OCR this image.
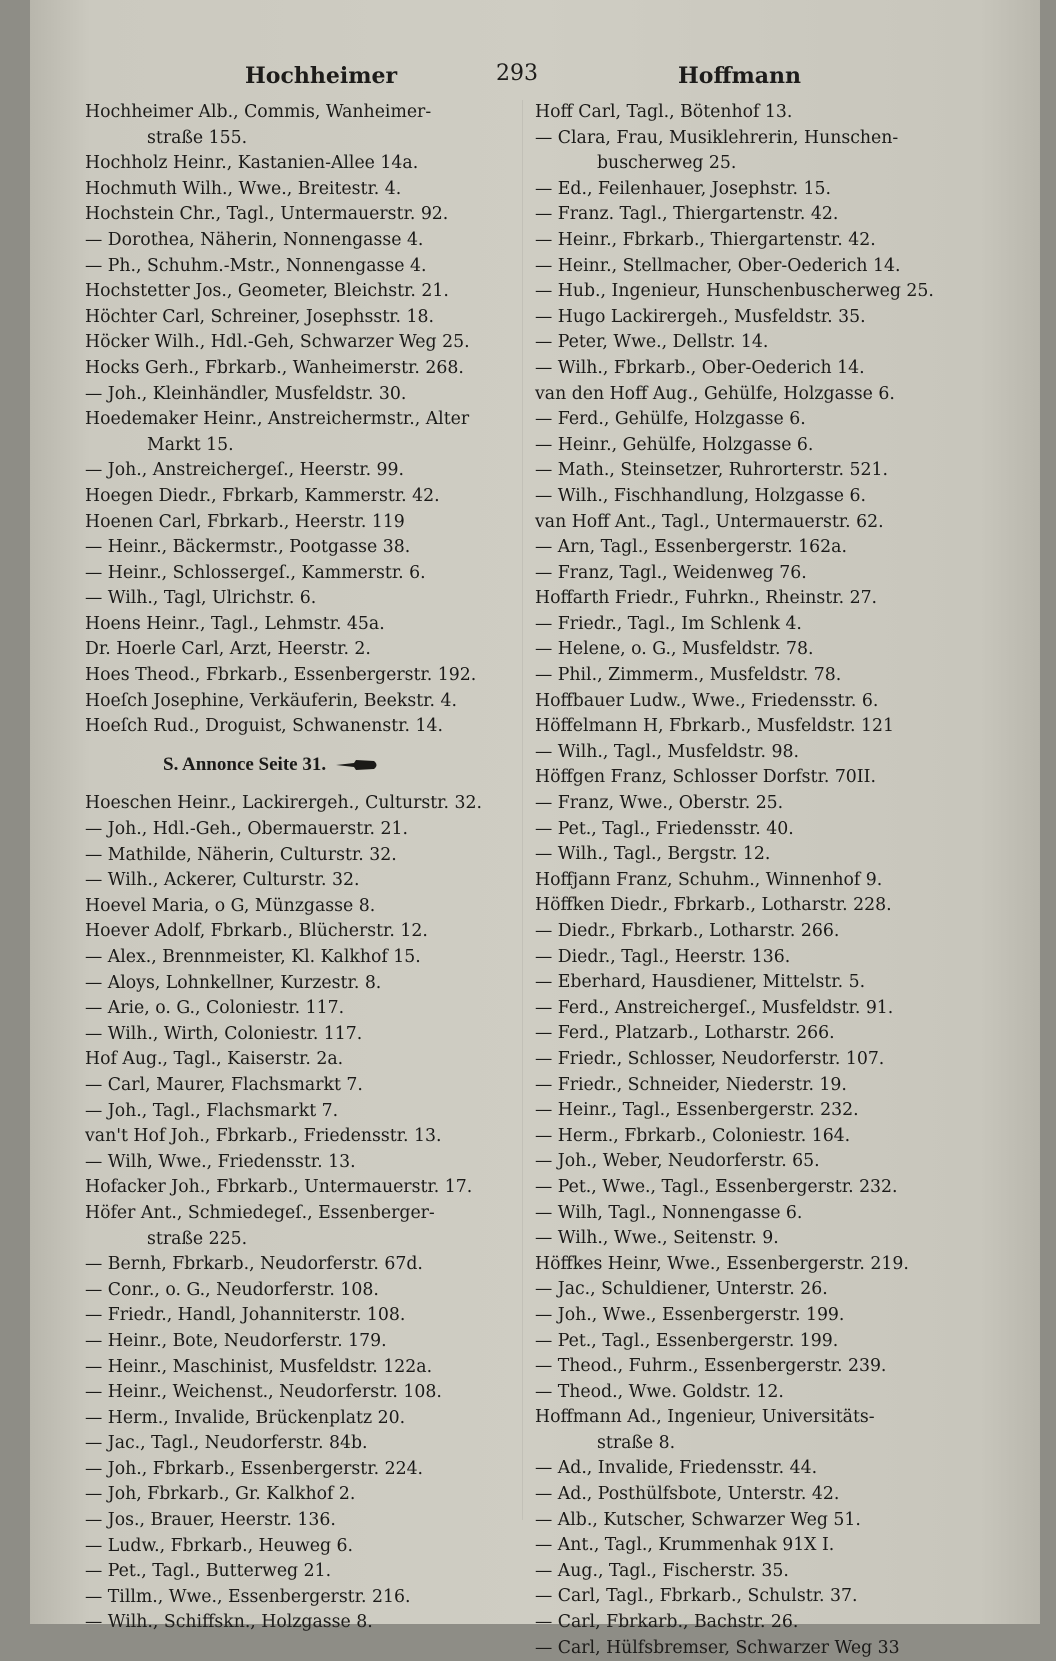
Hochheimer	293	Hoffmann
Hochheimer Alb., Commis, Wanheimer-
straße 155.
Hochholz Heinr., Kastanien-Allee 14a.
Hochmuth Wilh., Wwe., Breitestr. 4.
Hochstein Chr., Tagl., Untermauerstr. 92.
— Dorothea, Näherin, Nonnengasse 4.
— Ph., Schuhm.-Mstr., Nonnengasse 4.
Hochstetter Jos., Geometer, Bleichstr. 21.
Höchter Carl, Schreiner, Josephsstr. 18.
Höcker Wilh., Hdl.-Geh, Schwarzer Weg 25.
Hocks Gerh., Fbrkarb., Wanheimerstr. 268.
— Joh., Kleinhändler, Musfeldstr. 30.
Hoedemaker Heinr., Anstreichermstr., Alter
Markt 15.
— Joh., Anstreichergeſ., Heerstr. 99.
Hoegen Diedr., Fbrkarb, Kammerstr. 42.
Hoenen Carl, Fbrkarb., Heerstr. 119
— Heinr., Bäckermstr., Pootgasse 38.
— Heinr., Schlossergeſ., Kammerstr. 6.
— Wilh., Tagl, Ulrichstr. 6.
Hoens Heinr., Tagl., Lehmstr. 45a.
Dr. Hoerle Carl, Arzt, Heerstr. 2.
Hoes Theod., Fbrkarb., Essenbergerstr. 192.
Hoeſch Josephine, Verkäuferin, Beekstr. 4.
Hoeſch Rud., Droguist, Schwanenstr. 14.
S. Annonce Seite 31.
Hoeschen Heinr., Lackirergeh., Culturstr. 32.
— Joh., Hdl.-Geh., Obermauerstr. 21.
— Mathilde, Näherin, Culturstr. 32.
— Wilh., Ackerer, Culturstr. 32.
Hoevel Maria, o G, Münzgasse 8.
Hoever Adolf, Fbrkarb., Blücherstr. 12.
— Alex., Brennmeister, Kl. Kalkhof 15.
— Aloys, Lohnkellner, Kurzestr. 8.
— Arie, o. G., Coloniestr. 117.
— Wilh., Wirth, Coloniestr. 117.
Hof Aug., Tagl., Kaiserstr. 2a.
— Carl, Maurer, Flachsmarkt 7.
— Joh., Tagl., Flachsmarkt 7.
van't Hof Joh., Fbrkarb., Friedensstr. 13.
— Wilh, Wwe., Friedensstr. 13.
Hofacker Joh., Fbrkarb., Untermauerstr. 17.
Höfer Ant., Schmiedegeſ., Essenberger-
straße 225.
— Bernh, Fbrkarb., Neudorferstr. 67d.
— Conr., o. G., Neudorferstr. 108.
— Friedr., Handl, Johanniterstr. 108.
— Heinr., Bote, Neudorferstr. 179.
— Heinr., Maschinist, Musfeldstr. 122a.
— Heinr., Weichenst., Neudorferstr. 108.
— Herm., Invalide, Brückenplatz 20.
— Jac., Tagl., Neudorferstr. 84b.
— Joh., Fbrkarb., Essenbergerstr. 224.
— Joh, Fbrkarb., Gr. Kalkhof 2.
— Jos., Brauer, Heerstr. 136.
— Ludw., Fbrkarb., Heuweg 6.
— Pet., Tagl., Butterweg 21.
— Tillm., Wwe., Essenbergerstr. 216.
— Wilh., Schiffskn., Holzgasse 8.
Hoff Carl, Tagl., Bötenhof 13.
— Clara, Frau, Musiklehrerin, Hunschen-
buscherweg 25.
— Ed., Feilenhauer, Josephstr. 15.
— Franz. Tagl., Thiergartenstr. 42.
— Heinr., Fbrkarb., Thiergartenstr. 42.
— Heinr., Stellmacher, Ober-Oederich 14.
— Hub., Ingenieur, Hunschenbuscherweg 25.
— Hugo Lackirergeh., Musfeldstr. 35.
— Peter, Wwe., Dellstr. 14.
— Wilh., Fbrkarb., Ober-Oederich 14.
van den Hoff Aug., Gehülfe, Holzgasse 6.
— Ferd., Gehülfe, Holzgasse 6.
— Heinr., Gehülfe, Holzgasse 6.
— Math., Steinsetzer, Ruhrorterstr. 521.
— Wilh., Fischhandlung, Holzgasse 6.
van Hoff Ant., Tagl., Untermauerstr. 62.
— Arn, Tagl., Essenbergerstr. 162a.
— Franz, Tagl., Weidenweg 76.
Hoffarth Friedr., Fuhrkn., Rheinstr. 27.
— Friedr., Tagl., Im Schlenk 4.
— Helene, o. G., Musfeldstr. 78.
— Phil., Zimmerm., Musfeldstr. 78.
Hoffbauer Ludw., Wwe., Friedensstr. 6.
Höffelmann H, Fbrkarb., Musfeldstr. 121
— Wilh., Tagl., Musfeldstr. 98.
Höffgen Franz, Schlosser Dorfstr. 70II.
— Franz, Wwe., Oberstr. 25.
— Pet., Tagl., Friedensstr. 40.
— Wilh., Tagl., Bergstr. 12.
Hoffjann Franz, Schuhm., Winnenhof 9.
Höffken Diedr., Fbrkarb., Lotharstr. 228.
— Diedr., Fbrkarb., Lotharstr. 266.
— Diedr., Tagl., Heerstr. 136.
— Eberhard, Hausdiener, Mittelstr. 5.
— Ferd., Anstreichergeſ., Musfeldstr. 91.
— Ferd., Platzarb., Lotharstr. 266.
— Friedr., Schlosser, Neudorferstr. 107.
— Friedr., Schneider, Niederstr. 19.
— Heinr., Tagl., Essenbergerstr. 232.
— Herm., Fbrkarb., Coloniestr. 164.
— Joh., Weber, Neudorferstr. 65.
— Pet., Wwe., Tagl., Essenbergerstr. 232.
— Wilh, Tagl., Nonnengasse 6.
— Wilh., Wwe., Seitenstr. 9.
Höffkes Heinr, Wwe., Essenbergerstr. 219.
— Jac., Schuldiener, Unterstr. 26.
— Joh., Wwe., Essenbergerstr. 199.
— Pet., Tagl., Essenbergerstr. 199.
— Theod., Fuhrm., Essenbergerstr. 239.
— Theod., Wwe. Goldstr. 12.
Hoffmann Ad., Ingenieur, Universitäts-
straße 8.
— Ad., Invalide, Friedensstr. 44.
— Ad., Posthülfsbote, Unterstr. 42.
— Alb., Kutscher, Schwarzer Weg 51.
— Ant., Tagl., Krummenhak 91X I.
— Aug., Tagl., Fischerstr. 35.
— Carl, Tagl., Fbrkarb., Schulstr. 37.
— Carl, Fbrkarb., Bachstr. 26.
— Carl, Hülfsbremser, Schwarzer Weg 33
